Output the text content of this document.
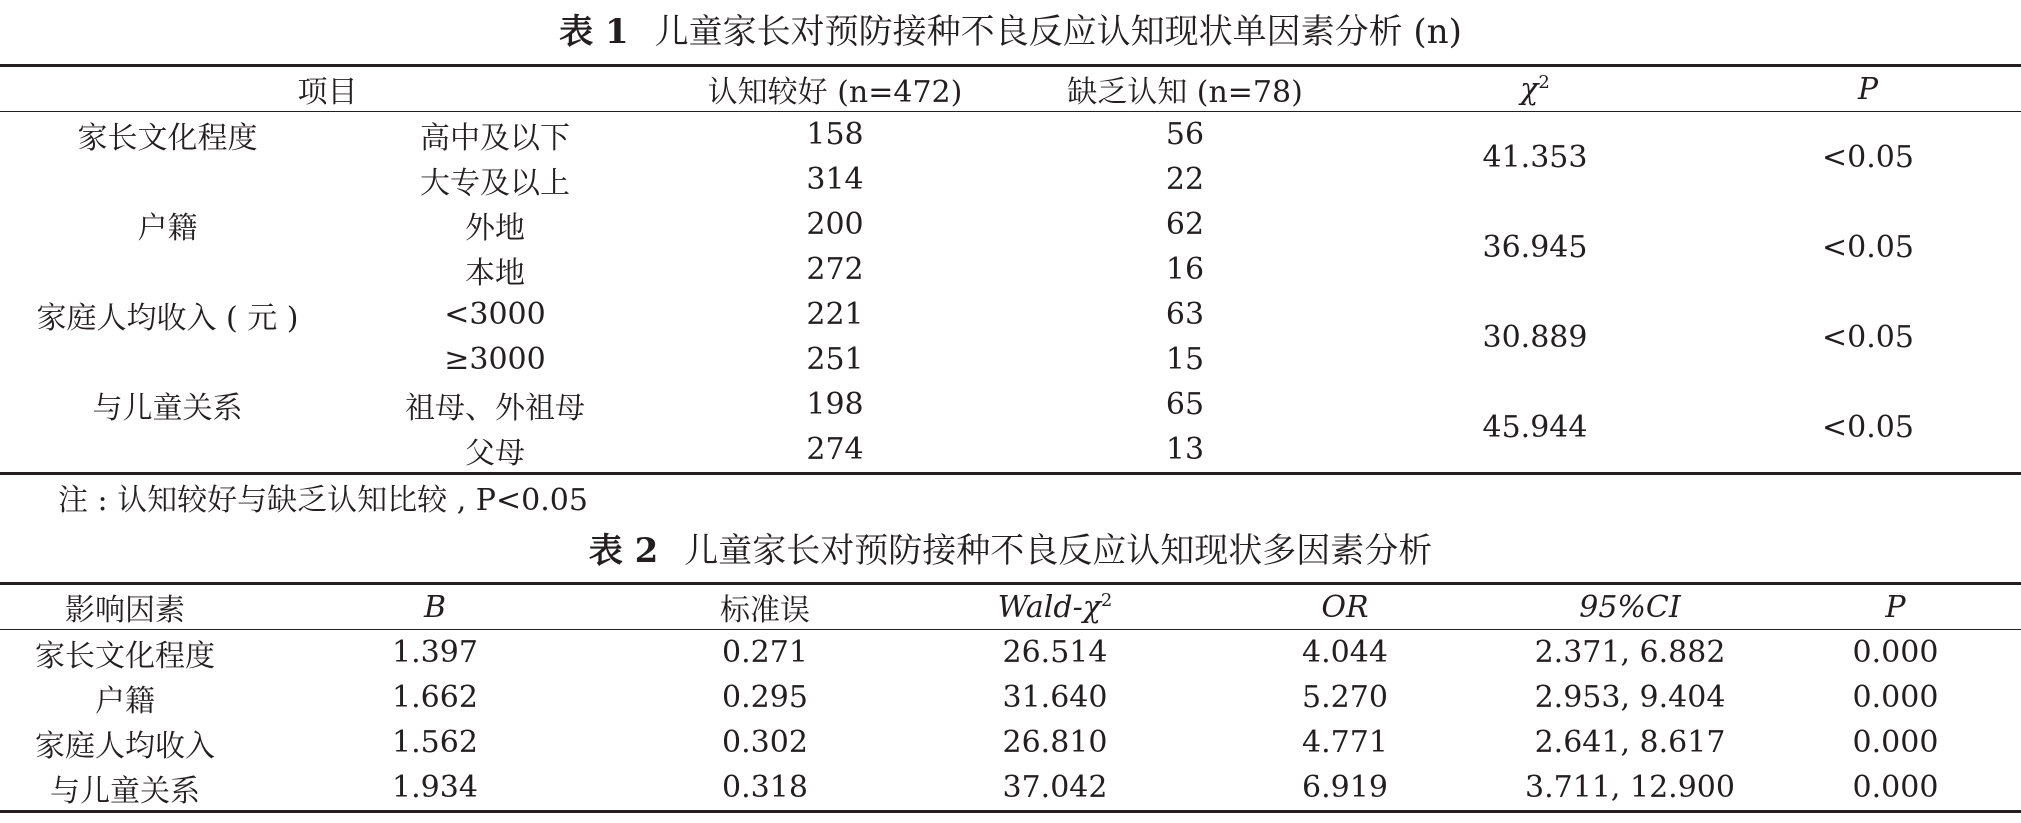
表 1 儿童家长对预防接种不良反应认知现状单因素分析 (n)
项目		认知较好 (n=472)	缺乏认知 (n=78)	$\chi^2$	P
家长文化程度	高中及以下	158	56	41.353	<0.05
	大专及以上	314	22		
户籍	外地	200	62	36.945	<0.05
	本地	272	16		
家庭人均收入 ( 元 )	<3000	221	63	30.889	<0.05
	≥3000	251	15		
与儿童关系	祖母、外祖母	198	65	45.944	<0.05
	父母	274	13		
注 : 认知较好与缺乏认知比较 , P<0.05
表 2 儿童家长对预防接种不良反应认知现状多因素分析
影响因素	B	标准误	Wald-$\chi^2$	OR	95%CI	P
家长文化程度	1.397	0.271	26.514	4.044	2.371, 6.882	0.000
户籍	1.662	0.295	31.640	5.270	2.953, 9.404	0.000
家庭人均收入	1.562	0.302	26.810	4.771	2.641, 8.617	0.000
与儿童关系	1.934	0.318	37.042	6.919	3.711, 12.900	0.000
